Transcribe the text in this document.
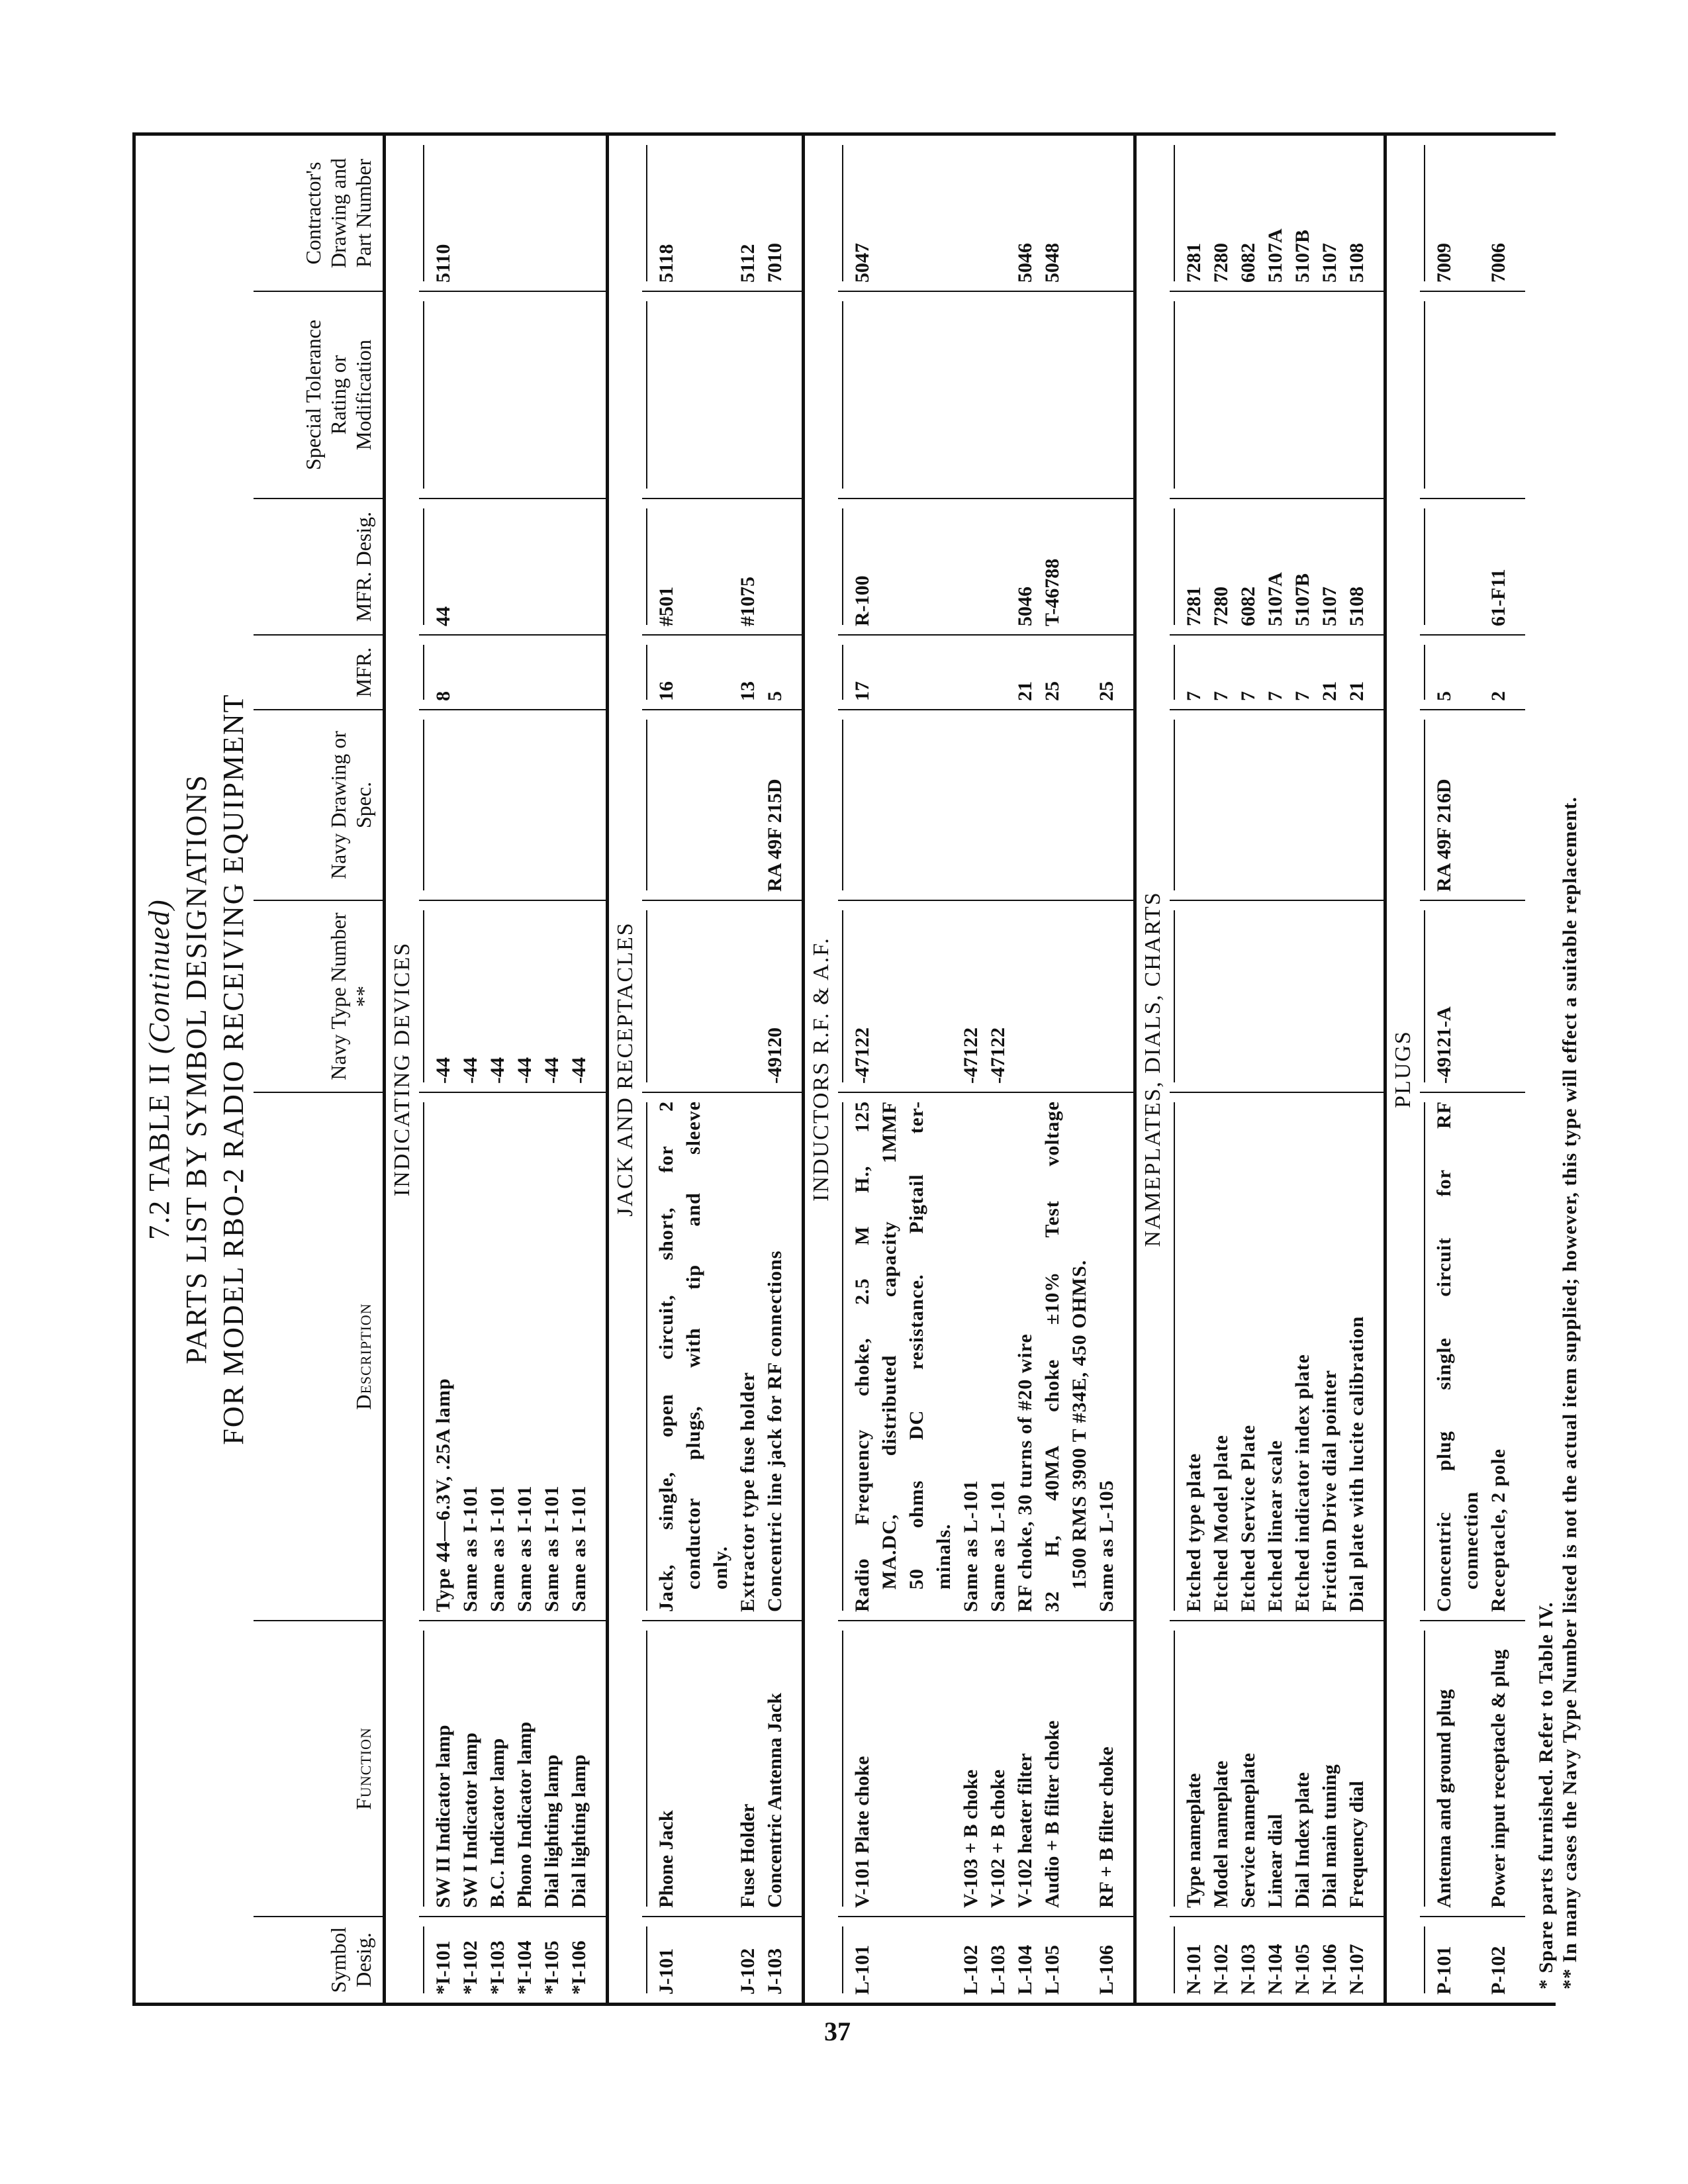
7.2 TABLE II (Continued) PARTS LIST BY SYMBOL DESIGNATIONS FOR MODEL RBO-2 RADIO RECEIVING EQUIPMENT
Symbol Desig.	Function	Description	Navy Type Number **	Navy Drawing or Spec.	MFR.	MFR. Desig.	Special Tolerance Rating or Modification	Contractor's Drawing and Part Number
INDICATING DEVICES								

*I-101	SW II Indicator lamp	Type 44—6.3V, .25A lamp	-44		8	44		5110
*I-102	SW I Indicator lamp	Same as I-101	-44					
*I-103	B.C. Indicator lamp	Same as I-101	-44					
*I-104	Phono Indicator lamp	Same as I-101	-44					
*I-105	Dial lighting lamp	Same as I-101	-44					
*I-106	Dial lighting lamp	Same as I-101	-44					

JACK AND RECEPTACLES								

J-101	Phone Jack	Jack, single, open circuit, short, for 2 conductor plugs, with tip and sleeve only.			16	#501		5118
J-102	Fuse Holder	Extractor type fuse holder			13	#1075		5112
J-103	Concentric Antenna Jack	Concentric line jack for RF connections	-49120	RA 49F 215D	5			7010

INDUCTORS R.F. & A.F.								

L-101	V-101 Plate choke	Radio Frequency choke, 2.5 M H., 125 MA.DC, distributed capacity 1MMF 50 ohms DC resistance. Pigtail ter- minals.	-47122		17	R-100		5047
L-102	V-103 + B choke	Same as L-101	-47122					
L-103	V-102 + B choke	Same as L-101	-47122					
L-104	V-102 heater filter	RF choke, 30 turns of #20 wire			21	5046		5046
L-105	Audio + B filter choke	32 H, 40MA choke ±10% Test voltage 1500 RMS 3900 T #34E, 450 OHMS.			25	T-46788		5048
L-106	RF + B filter choke	Same as L-105			25			

NAMEPLATES, DIALS, CHARTS								

N-101	Type nameplate	Etched type plate			7	7281		7281
N-102	Model nameplate	Etched Model plate			7	7280		7280
N-103	Service nameplate	Etched Service Plate			7	6082		6082
N-104	Linear dial	Etched linear scale			7	5107A		5107A
N-105	Dial Index plate	Etched indicator index plate			7	5107B		5107B
N-106	Dial main tuning	Friction Drive dial pointer			21	5107		5107
N-107	Frequency dial	Dial plate with lucite calibration			21	5108		5108

PLUGS								

P-101	Antenna and ground plug	Concentric plug single circuit for RF connection	-49121-A	RA 49F 216D	5			7009
P-102	Power input receptacle & plug	Receptacle, 2 pole			2	61-F11		7006

* Spare parts furnished. Refer to Table IV. ** In many cases the Navy Type Number listed is not the actual item supplied; however, this type will effect a suitable replacement.
37
